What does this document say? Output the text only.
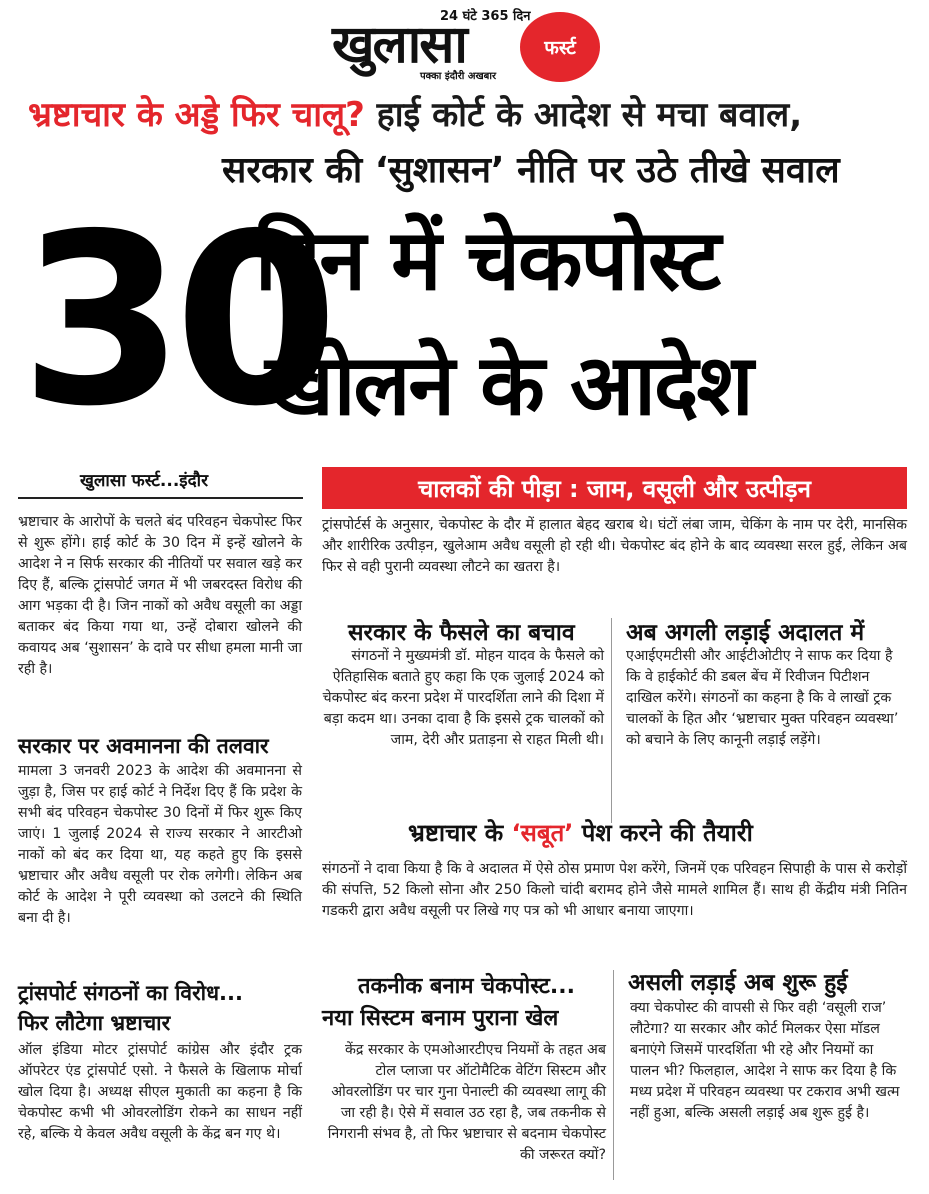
24 घंटे 365 दिन
खुलासा
पक्का इंदौरी अखबार
फर्स्ट
भ्रष्टाचार के अड्डे फिर चालू? हाई कोर्ट के आदेश से मचा बवाल,
सरकार की ‘सुशासन’ नीति पर उठे तीखे सवाल
30
दिन में चेकपोस्ट
खोलने के आदेश
खुलासा फर्स्ट...इंदौर
भ्रष्टाचार के आरोपों के चलते बंद परिवहन चेकपोस्ट फिर से शुरू होंगे। हाई कोर्ट के 30 दिन में इन्हें खोलने के आदेश ने न सिर्फ सरकार की नीतियों पर सवाल खड़े कर दिए हैं, बल्कि ट्रांसपोर्ट जगत में भी जबरदस्त विरोध की आग भड़का दी है। जिन नाकों को अवैध वसूली का अड्डा बताकर बंद किया गया था, उन्हें दोबारा खोलने की कवायद अब ‘सुशासन’ के दावे पर सीधा हमला मानी जा रही है।
सरकार पर अवमानना की तलवार
मामला 3 जनवरी 2023 के आदेश की अवमानना से जुड़ा है, जिस पर हाई कोर्ट ने निर्देश दिए हैं कि प्रदेश के सभी बंद परिवहन चेकपोस्ट 30 दिनों में फिर शुरू किए जाएं। 1 जुलाई 2024 से राज्य सरकार ने आरटीओ नाकों को बंद कर दिया था, यह कहते हुए कि इससे भ्रष्टाचार और अवैध वसूली पर रोक लगेगी। लेकिन अब कोर्ट के आदेश ने पूरी व्यवस्था को उलटने की स्थिति बना दी है।
ट्रांसपोर्ट संगठनों का विरोध...
फिर लौटेगा भ्रष्टाचार
ऑल इंडिया मोटर ट्रांसपोर्ट कांग्रेस और इंदौर ट्रक ऑपरेटर एंड ट्रांसपोर्ट एसो. ने फैसले के खिलाफ मोर्चा खोल दिया है। अध्यक्ष सीएल मुकाती का कहना है कि चेकपोस्ट कभी भी ओवरलोडिंग रोकने का साधन नहीं रहे, बल्कि ये केवल अवैध वसूली के केंद्र बन गए थे।
चालकों की पीड़ा : जाम, वसूली और उत्पीड़न
ट्रांसपोर्टर्स के अनुसार, चेकपोस्ट के दौर में हालात बेहद खराब थे। घंटों लंबा जाम, चेकिंग के नाम पर देरी, मानसिक और शारीरिक उत्पीड़न, खुलेआम अवैध वसूली हो रही थी। चेकपोस्ट बंद होने के बाद व्यवस्था सरल हुई, लेकिन अब फिर से वही पुरानी व्यवस्था लौटने का खतरा है।
सरकार के फैसले का बचाव
संगठनों ने मुख्यमंत्री डॉ. मोहन यादव के फैसले को ऐतिहासिक बताते हुए कहा कि एक जुलाई 2024 को चेकपोस्ट बंद करना प्रदेश में पारदर्शिता लाने की दिशा में बड़ा कदम था। उनका दावा है कि इससे ट्रक चालकों को जाम, देरी और प्रताड़ना से राहत मिली थी।
अब अगली लड़ाई अदालत में
एआईएमटीसी और आईटीओटीए ने साफ कर दिया है कि वे हाईकोर्ट की डबल बेंच में रिवीजन पिटीशन दाखिल करेंगे। संगठनों का कहना है कि वे लाखों ट्रक चालकों के हित और ‘भ्रष्टाचार मुक्त परिवहन व्यवस्था’ को बचाने के लिए कानूनी लड़ाई लड़ेंगे।
भ्रष्टाचार के ‘सबूत’ पेश करने की तैयारी
संगठनों ने दावा किया है कि वे अदालत में ऐसे ठोस प्रमाण पेश करेंगे, जिनमें एक परिवहन सिपाही के पास से करोड़ों की संपत्ति, 52 किलो सोना और 250 किलो चांदी बरामद होने जैसे मामले शामिल हैं। साथ ही केंद्रीय मंत्री नितिन गडकरी द्वारा अवैध वसूली पर लिखे गए पत्र को भी आधार बनाया जाएगा।
तकनीक बनाम चेकपोस्ट...
नया सिस्टम बनाम पुराना खेल
केंद्र सरकार के एमओआरटीएच नियमों के तहत अब टोल प्लाजा पर ऑटोमैटिक वेटिंग सिस्टम और ओवरलोडिंग पर चार गुना पेनाल्टी की व्यवस्था लागू की जा रही है। ऐसे में सवाल उठ रहा है, जब तकनीक से निगरानी संभव है, तो फिर भ्रष्टाचार से बदनाम चेकपोस्ट की जरूरत क्यों?
असली लड़ाई अब शुरू हुई
क्या चेकपोस्ट की वापसी से फिर वही ‘वसूली राज’ लौटेगा? या सरकार और कोर्ट मिलकर ऐसा मॉडल बनाएंगे जिसमें पारदर्शिता भी रहे और नियमों का पालन भी? फिलहाल, आदेश ने साफ कर दिया है कि मध्य प्रदेश में परिवहन व्यवस्था पर टकराव अभी खत्म नहीं हुआ, बल्कि असली लड़ाई अब शुरू हुई है।
